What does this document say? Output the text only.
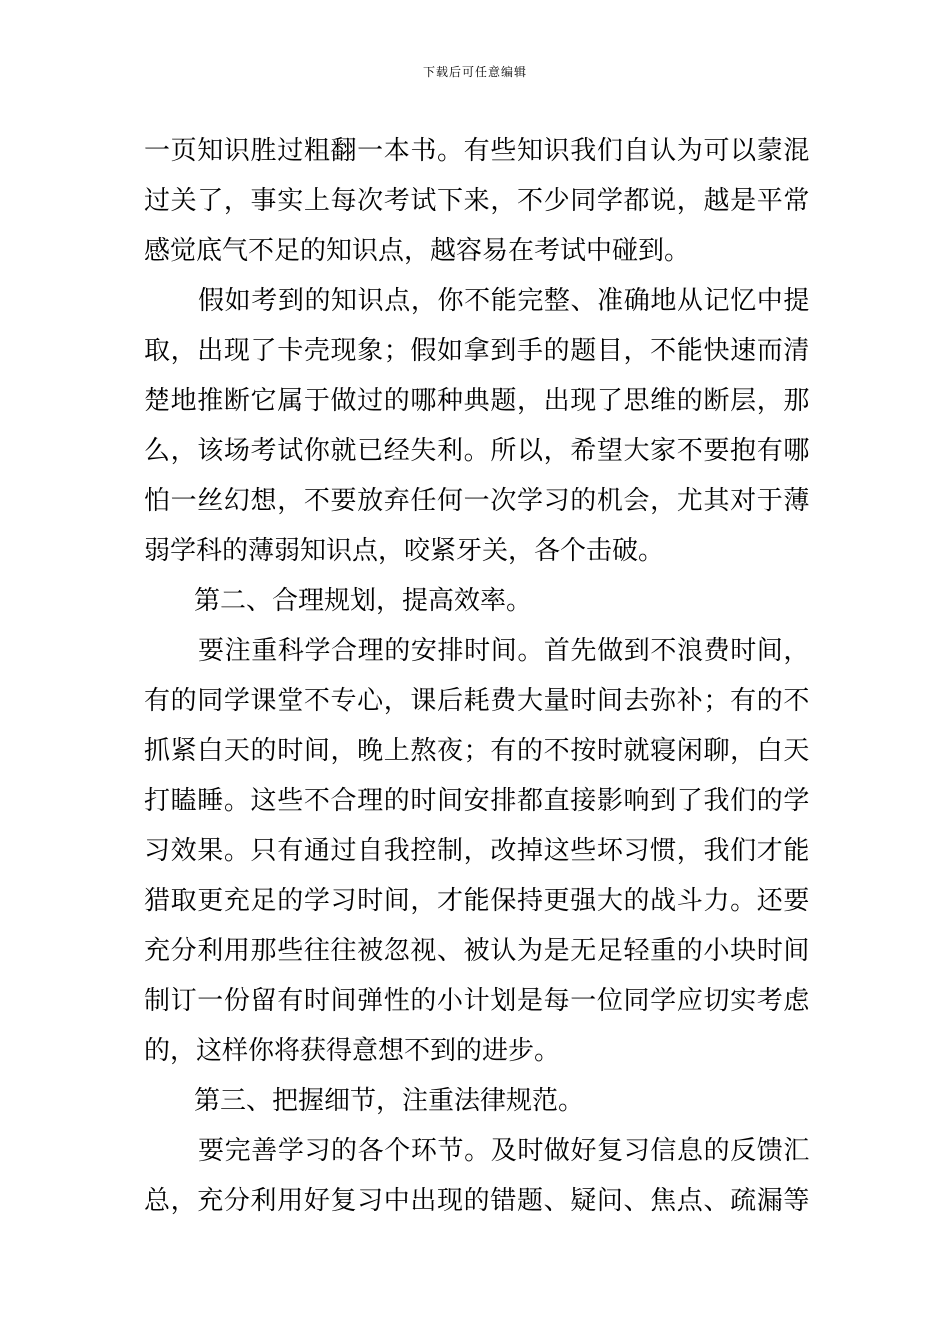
下载后可任意编辑
一页知识胜过粗翻一本书。有些知识我们自认为可以蒙混
过关了，事实上每次考试下来，不少同学都说，越是平常
感觉底气不足的知识点，越容易在考试中碰到。
假如考到的知识点，你不能完整、准确地从记忆中提
取，出现了卡壳现象；假如拿到手的题目，不能快速而清
楚地推断它属于做过的哪种典题，出现了思维的断层，那
么，该场考试你就已经失利。所以，希望大家不要抱有哪
怕一丝幻想，不要放弃任何一次学习的机会，尤其对于薄
弱学科的薄弱知识点，咬紧牙关，各个击破。
第二、合理规划，提高效率。
要注重科学合理的安排时间。首先做到不浪费时间，
有的同学课堂不专心，课后耗费大量时间去弥补；有的不
抓紧白天的时间，晚上熬夜；有的不按时就寝闲聊，白天
打瞌睡。这些不合理的时间安排都直接影响到了我们的学
习效果。只有通过自我控制，改掉这些坏习惯，我们才能
猎取更充足的学习时间，才能保持更强大的战斗力。还要
充分利用那些往往被忽视、被认为是无足轻重的小块时间
制订一份留有时间弹性的小计划是每一位同学应切实考虑
的，这样你将获得意想不到的进步。
第三、把握细节，注重法律规范。
要完善学习的各个环节。及时做好复习信息的反馈汇
总，充分利用好复习中出现的错题、疑问、焦点、疏漏等
